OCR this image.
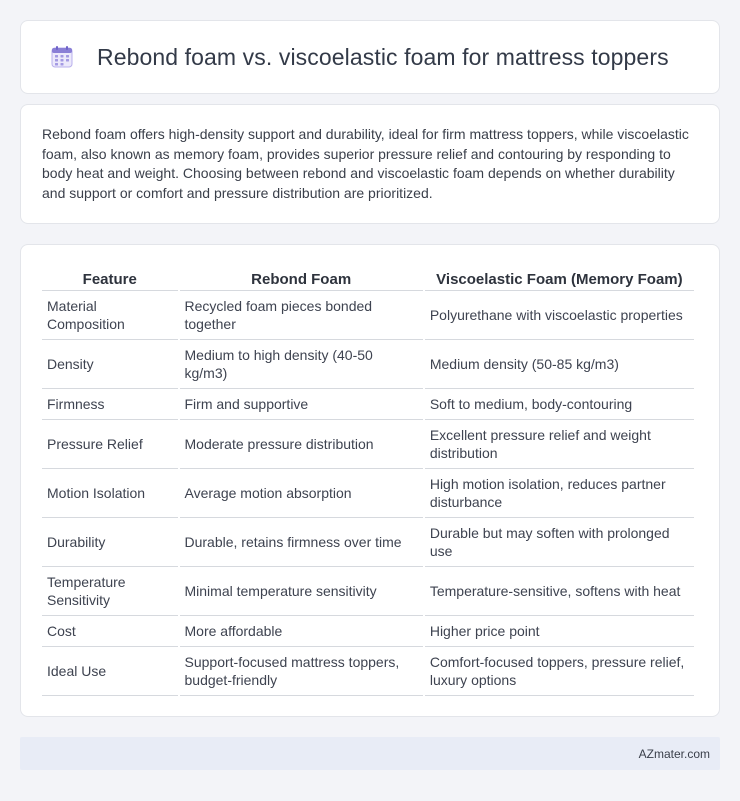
Rebond foam vs. viscoelastic foam for mattress toppers

Rebond foam offers high-density support and durability, ideal for firm mattress toppers, while viscoelastic foam, also known as memory foam, provides superior pressure relief and contouring by responding to body heat and weight. Choosing between rebond and viscoelastic foam depends on whether durability and support or comfort and pressure distribution are prioritized.

Feature	Rebond Foam	Viscoelastic Foam (Memory Foam)
Material Composition	Recycled foam pieces bonded together	Polyurethane with viscoelastic properties
Density	Medium to high density (40-50 kg/m3)	Medium density (50-85 kg/m3)
Firmness	Firm and supportive	Soft to medium, body-contouring
Pressure Relief	Moderate pressure distribution	Excellent pressure relief and weight distribution
Motion Isolation	Average motion absorption	High motion isolation, reduces partner disturbance
Durability	Durable, retains firmness over time	Durable but may soften with prolonged use
Temperature Sensitivity	Minimal temperature sensitivity	Temperature-sensitive, softens with heat
Cost	More affordable	Higher price point
Ideal Use	Support-focused mattress toppers, budget-friendly	Comfort-focused toppers, pressure relief, luxury options
AZmater.com
